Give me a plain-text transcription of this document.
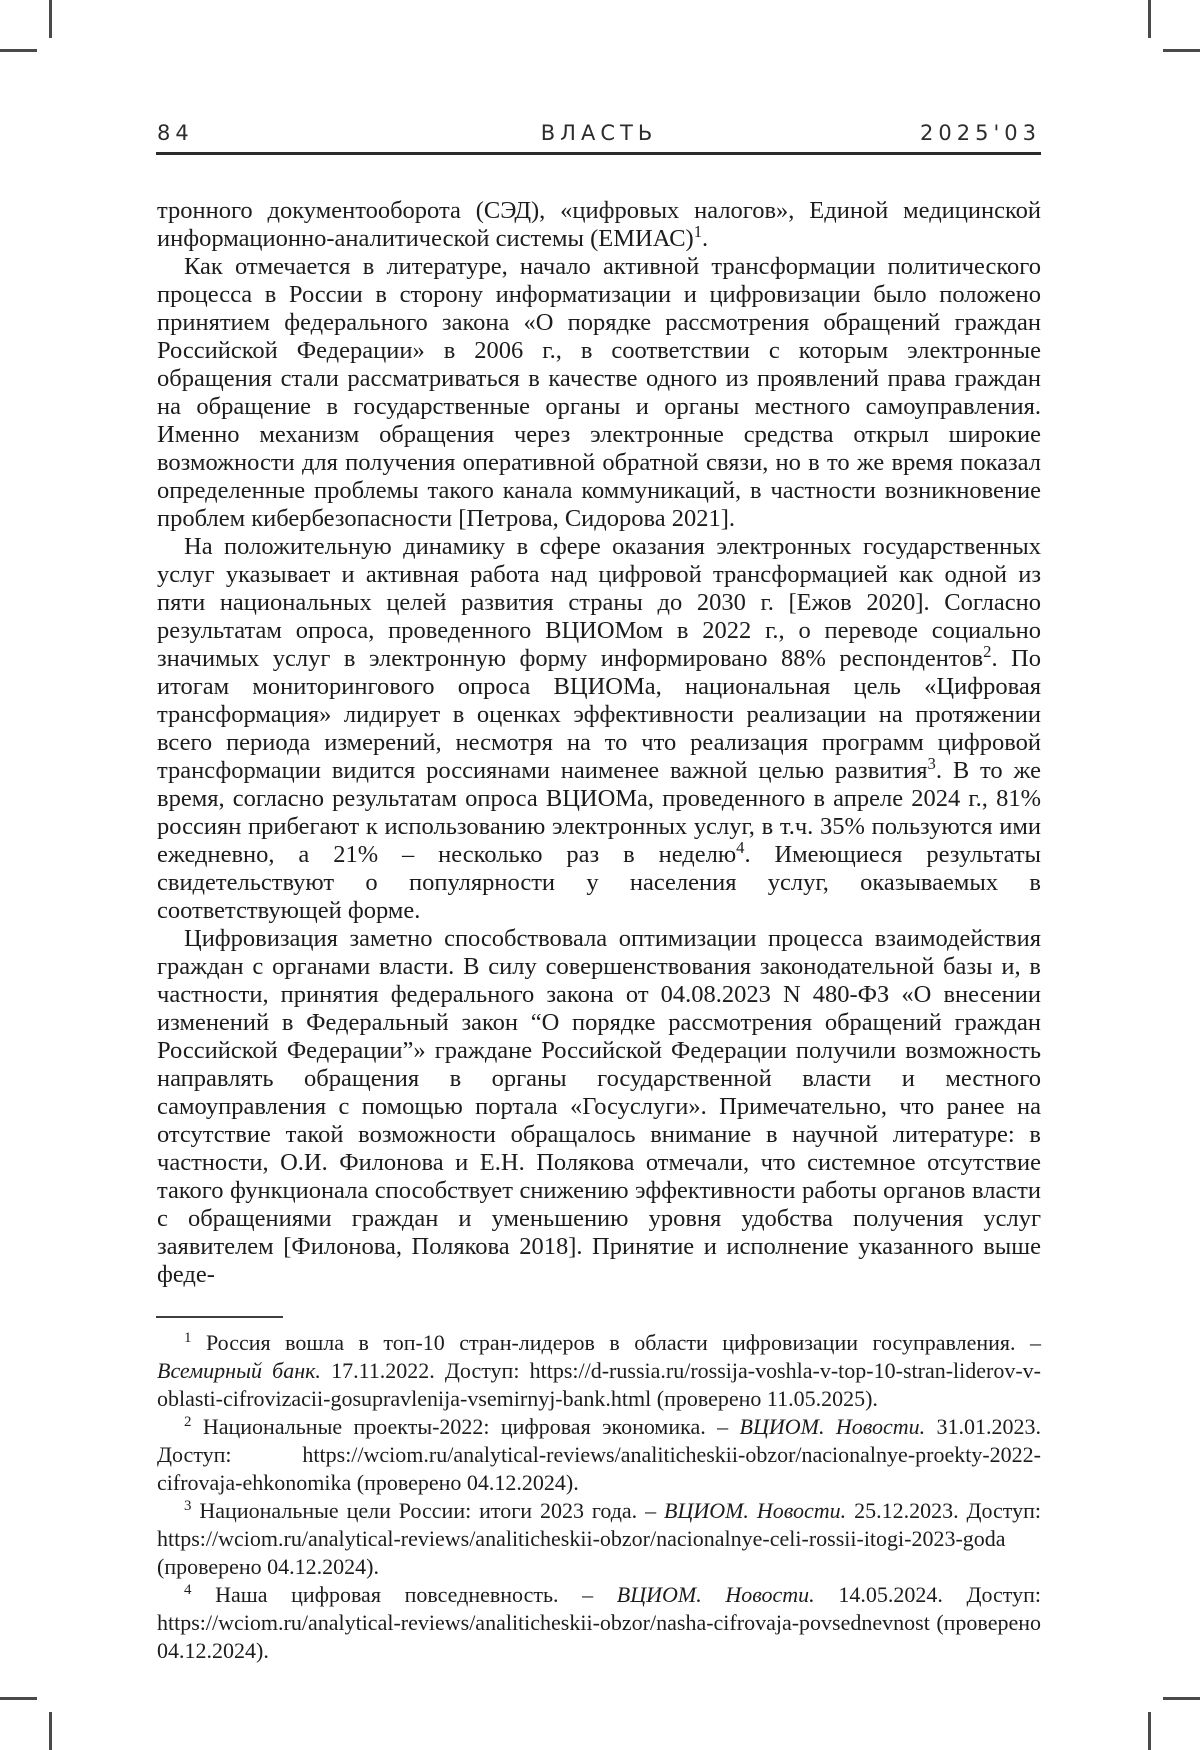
84	ВЛАСТЬ	2025'03

тронного документооборота (СЭД), «цифровых налогов», Единой медицинской информационно-аналитической системы (ЕМИАС)$^1$.

Как отмечается в литературе, начало активной трансформации политического процесса в России в сторону информатизации и цифровизации было положено принятием федерального закона «О порядке рассмотрения обращений граждан Российской Федерации» в 2006 г., в соответствии с которым электронные обращения стали рассматриваться в качестве одного из проявлений права граждан на обращение в государственные органы и органы местного самоуправления. Именно механизм обращения через электронные средства открыл широкие возможности для получения оперативной обратной связи, но в то же время показал определенные проблемы такого канала коммуникаций, в частности возникновение проблем кибербезопасности [Петрова, Сидорова 2021].

На положительную динамику в сфере оказания электронных государственных услуг указывает и активная работа над цифровой трансформацией как одной из пяти национальных целей развития страны до 2030 г. [Ежов 2020]. Согласно результатам опроса, проведенного ВЦИОМом в 2022 г., о переводе социально значимых услуг в электронную форму информировано 88% респондентов$^2$. По итогам мониторингового опроса ВЦИОМа, национальная цель «Цифровая трансформация» лидирует в оценках эффективности реализации на протяжении всего периода измерений, несмотря на то что реализация программ цифровой трансформации видится россиянами наименее важной целью развития$^3$. В то же время, согласно результатам опроса ВЦИОМа, проведенного в апреле 2024 г., 81% россиян прибегают к использованию электронных услуг, в т.ч. 35% пользуются ими ежедневно, а 21% – несколько раз в неделю$^4$. Имеющиеся результаты свидетельствуют о популярности у населения услуг, оказываемых в соответствующей форме.

Цифровизация заметно способствовала оптимизации процесса взаимодействия граждан с органами власти. В силу совершенствования законодательной базы и, в частности, принятия федерального закона от 04.08.2023 N 480-ФЗ «О внесении изменений в Федеральный закон “О порядке рассмотрения обращений граждан Российской Федерации”» граждане Российской Федерации получили возможность направлять обращения в органы государственной власти и местного самоуправления с помощью портала «Госуслуги». Примечательно, что ранее на отсутствие такой возможности обращалось внимание в научной литературе: в частности, О.И. Филонова и Е.Н. Полякова отмечали, что системное отсутствие такого функционала способствует снижению эффективности работы органов власти с обращениями граждан и уменьшению уровня удобства получения услуг заявителем [Филонова, Полякова 2018]. Принятие и исполнение указанного выше феде-

$^1$ Россия вошла в топ-10 стран-лидеров в области цифровизации госуправления. – Всемирный банк. 17.11.2022. Доступ: https://d-russia.ru/rossija-voshla-v-top-10-stran-liderov-v-oblasti-cifrovizacii-gosupravlenija-vsemirnyj-bank.html (проверено 11.05.2025).

$^2$ Национальные проекты-2022: цифровая экономика. – ВЦИОМ. Новости. 31.01.2023. Доступ: https://wciom.ru/analytical-reviews/analiticheskii-obzor/nacionalnye-proekty-2022-cifrovaja-ehkonomika (проверено 04.12.2024).

$^3$ Национальные цели России: итоги 2023 года. – ВЦИОМ. Новости. 25.12.2023. Доступ: https://wciom.ru/analytical-reviews/analiticheskii-obzor/nacionalnye-celi-rossii-itogi-2023-goda (проверено 04.12.2024).

$^4$ Наша цифровая повседневность. – ВЦИОМ. Новости. 14.05.2024. Доступ: https://wciom.ru/analytical-reviews/analiticheskii-obzor/nasha-cifrovaja-povsednevnost (проверено 04.12.2024).
